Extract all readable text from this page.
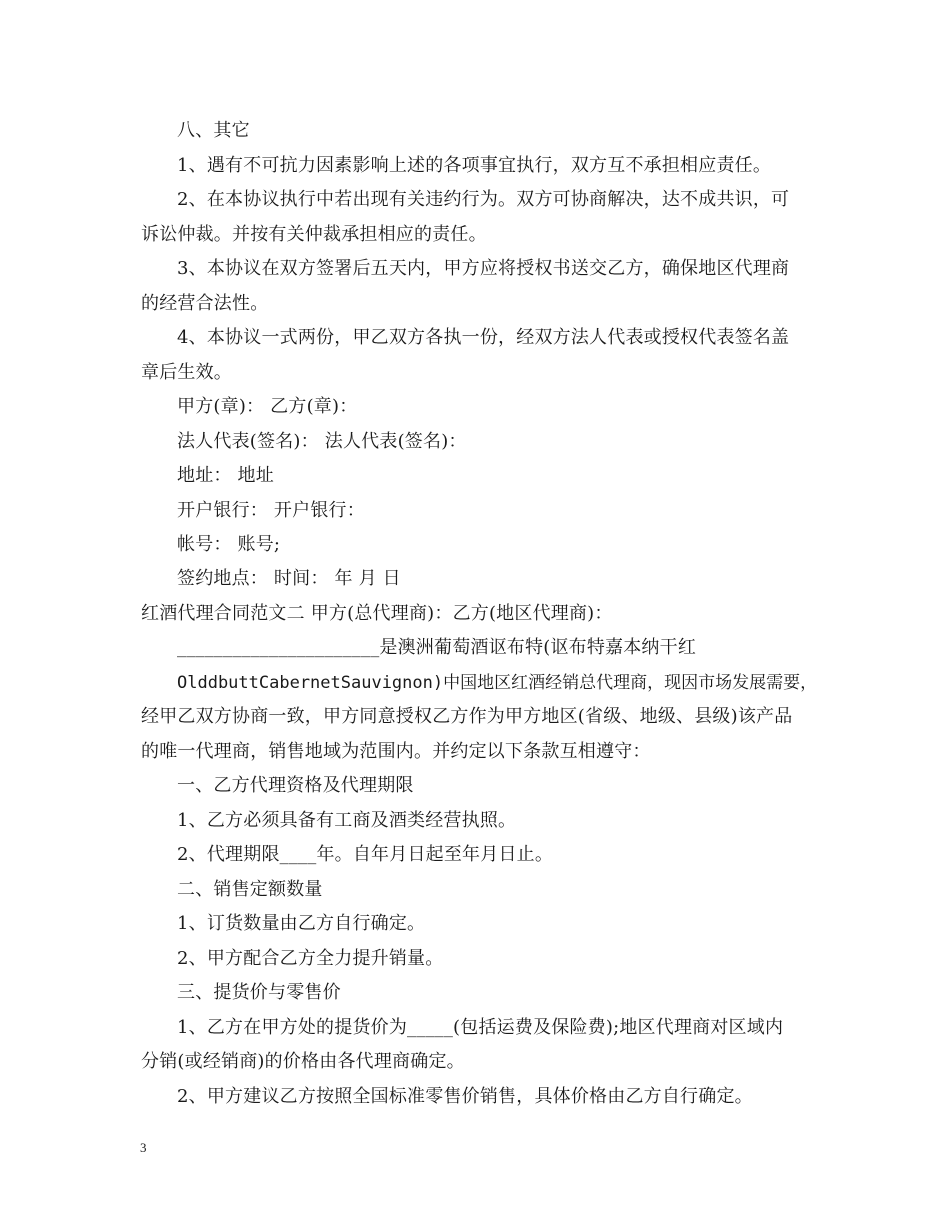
八、其它
1、遇有不可抗力因素影响上述的各项事宜执行，双方互不承担相应责任。
2、在本协议执行中若出现有关违约行为。双方可协商解决，达不成共识，可
诉讼仲裁。并按有关仲裁承担相应的责任。
3、本协议在双方签署后五天内，甲方应将授权书送交乙方，确保地区代理商
的经营合法性。
4、本协议一式两份，甲乙双方各执一份，经双方法人代表或授权代表签名盖
章后生效。
甲方(章)： 乙方(章)：
法人代表(签名)： 法人代表(签名)：
地址： 地址
开户银行： 开户银行：
帐号： 账号;
签约地点： 时间： 年 月 日
红酒代理合同范文二 甲方(总代理商)：乙方(地区代理商)：
______________________是澳洲葡萄酒讴布特(讴布特嘉本纳干红
OlddbuttCabernetSauvignon)中国地区红酒经销总代理商，现因市场发展需要，
经甲乙双方协商一致，甲方同意授权乙方作为甲方地区(省级、地级、县级)该产品
的唯一代理商，销售地域为范围内。并约定以下条款互相遵守：
一、乙方代理资格及代理期限
1、乙方必须具备有工商及酒类经营执照。
2、代理期限____年。自年月日起至年月日止。
二、销售定额数量
1、订货数量由乙方自行确定。
2、甲方配合乙方全力提升销量。
三、提货价与零售价
1、乙方在甲方处的提货价为_____(包括运费及保险费);地区代理商对区域内
分销(或经销商)的价格由各代理商确定。
2、甲方建议乙方按照全国标准零售价销售，具体价格由乙方自行确定。
3
